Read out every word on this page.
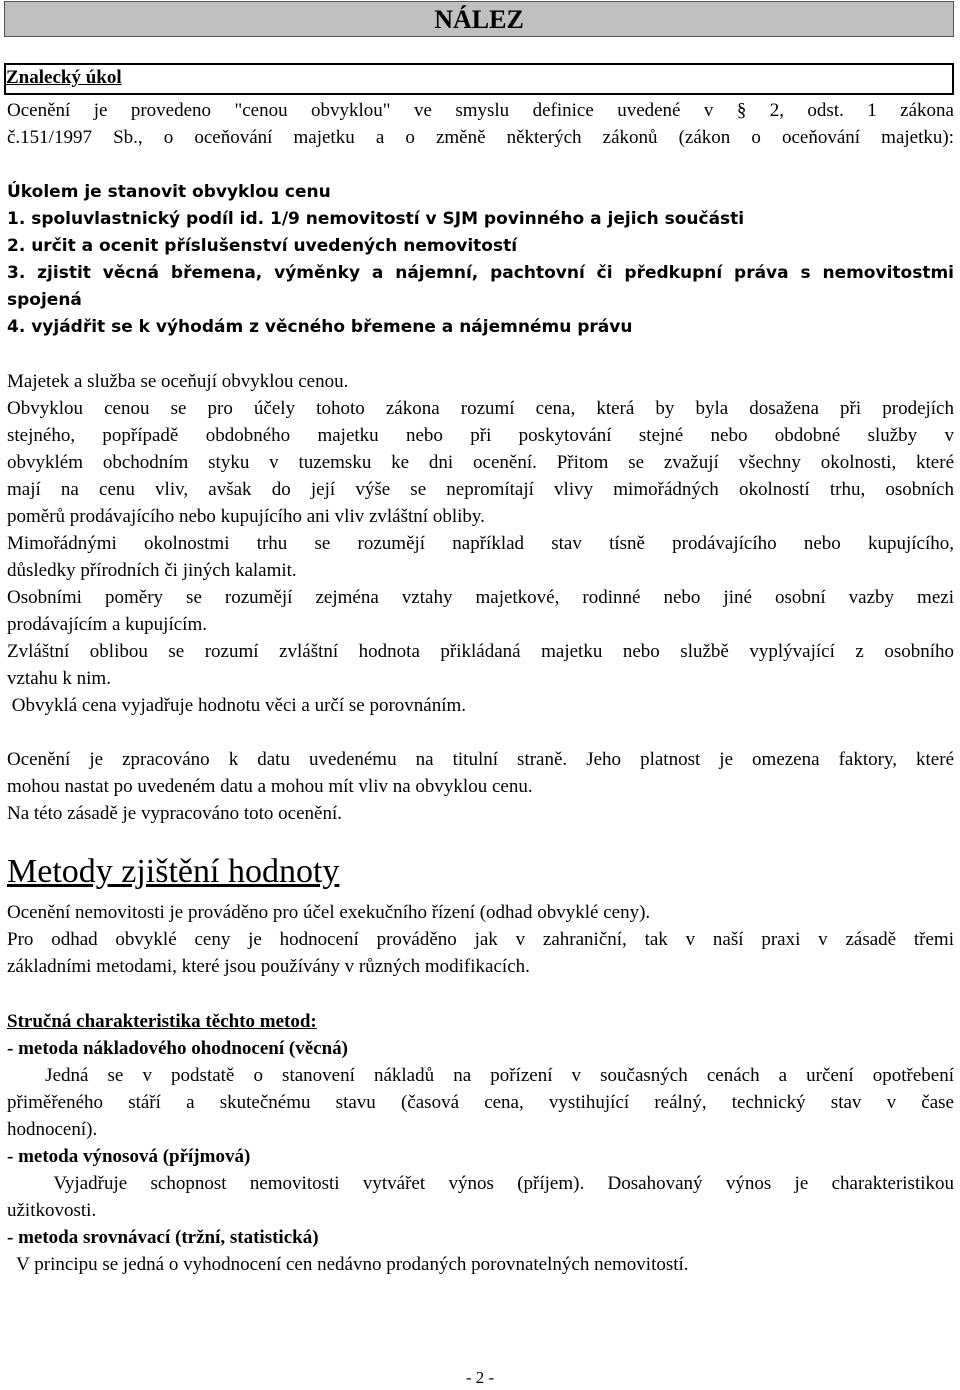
NÁLEZ
Znalecký úkol
Ocenění je provedeno "cenou obvyklou" ve smyslu definice uvedené v § 2, odst. 1 zákona
č.151/1997 Sb., o oceňování majetku a o změně některých zákonů (zákon o oceňování majetku):
Úkolem je stanovit obvyklou cenu
1. spoluvlastnický podíl id. 1/9 nemovitostí v SJM povinného a jejich součásti
2. určit a ocenit příslušenství uvedených nemovitostí
3. zjistit věcná břemena, výměnky a nájemní, pachtovní či předkupní práva s nemovitostmi
spojená
4. vyjádřit se k výhodám z věcného břemene a nájemnému právu
Majetek a služba se oceňují obvyklou cenou.
Obvyklou cenou se pro účely tohoto zákona rozumí cena, která by byla dosažena při prodejích
stejného, popřípadě obdobného majetku nebo při poskytování stejné nebo obdobné služby v
obvyklém obchodním styku v tuzemsku ke dni ocenění. Přitom se zvažují všechny okolnosti, které
mají na cenu vliv, avšak do její výše se nepromítají vlivy mimořádných okolností trhu, osobních
poměrů prodávajícího nebo kupujícího ani vliv zvláštní obliby.
Mimořádnými okolnostmi trhu se rozumějí například stav tísně prodávajícího nebo kupujícího,
důsledky přírodních či jiných kalamit.
Osobními poměry se rozumějí zejména vztahy majetkové, rodinné nebo jiné osobní vazby mezi
prodávajícím a kupujícím.
Zvláštní oblibou se rozumí zvláštní hodnota přikládaná majetku nebo službě vyplývající z osobního
vztahu k nim.
Obvyklá cena vyjadřuje hodnotu věci a určí se porovnáním.
Ocenění je zpracováno k datu uvedenému na titulní straně. Jeho platnost je omezena faktory, které
mohou nastat po uvedeném datu a mohou mít vliv na obvyklou cenu.
Na této zásadě je vypracováno toto ocenění.
Metody zjištění hodnoty
Ocenění nemovitosti je prováděno pro účel exekučního řízení (odhad obvyklé ceny).
Pro odhad obvyklé ceny je hodnocení prováděno jak v zahraniční, tak v naší praxi v zásadě třemi
základními metodami, které jsou používány v různých modifikacích.
Stručná charakteristika těchto metod:
- metoda nákladového ohodnocení (věcná)
Jedná se v podstatě o stanovení nákladů na pořízení v současných cenách a určení opotřebení
přiměřeného stáří a skutečnému stavu (časová cena, vystihující reálný, technický stav v čase
hodnocení).
- metoda výnosová (příjmová)
Vyjadřuje schopnost nemovitosti vytvářet výnos (příjem). Dosahovaný výnos je charakteristikou
užitkovosti.
- metoda srovnávací (tržní, statistická)
V principu se jedná o vyhodnocení cen nedávno prodaných porovnatelných nemovitostí.
- 2 -
